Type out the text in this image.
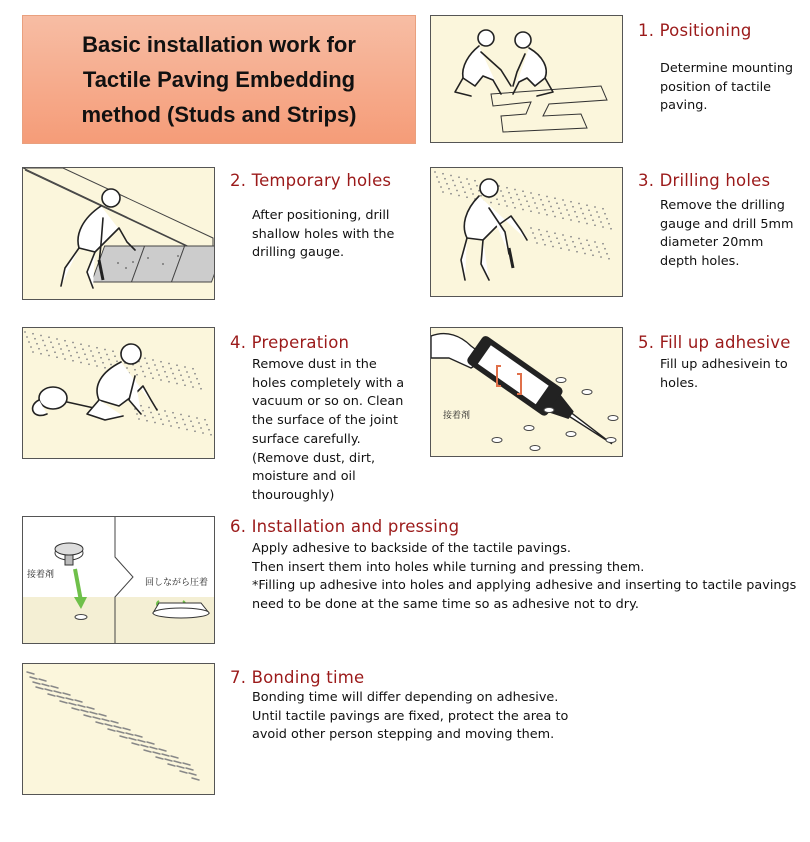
Basic installation work for
Tactile Paving Embedding
method (Studs and Strips)
1. Positioning

Determine mounting

position of tactile

paving.

2. Temporary holes

After positioning, drill

shallow holes with the

drilling gauge.

3. Drilling holes

Remove the drilling

gauge and drill 5mm

diameter 20mm

depth holes.

4. Preperation

Remove dust in the

holes completely with a

vacuum or so on. Clean

the surface of the joint

surface carefully.

(Remove dust, dirt,

moisture and oil

thouroughly)

接着剤
5. Fill up adhesive

Fill up adhesivein to

holes.

接着剤
回しながら圧着
6. Installation and pressing

Apply adhesive to backside of the tactile pavings.

Then insert them into holes while turning and pressing them.

*Filling up adhesive into holes and applying adhesive and inserting to tactile pavings

need to be done at the same time so as adhesive not to dry.

7. Bonding time

Bonding time will differ depending on adhesive.

Until tactile pavings are fixed, protect the area to

avoid other person stepping and moving them.
